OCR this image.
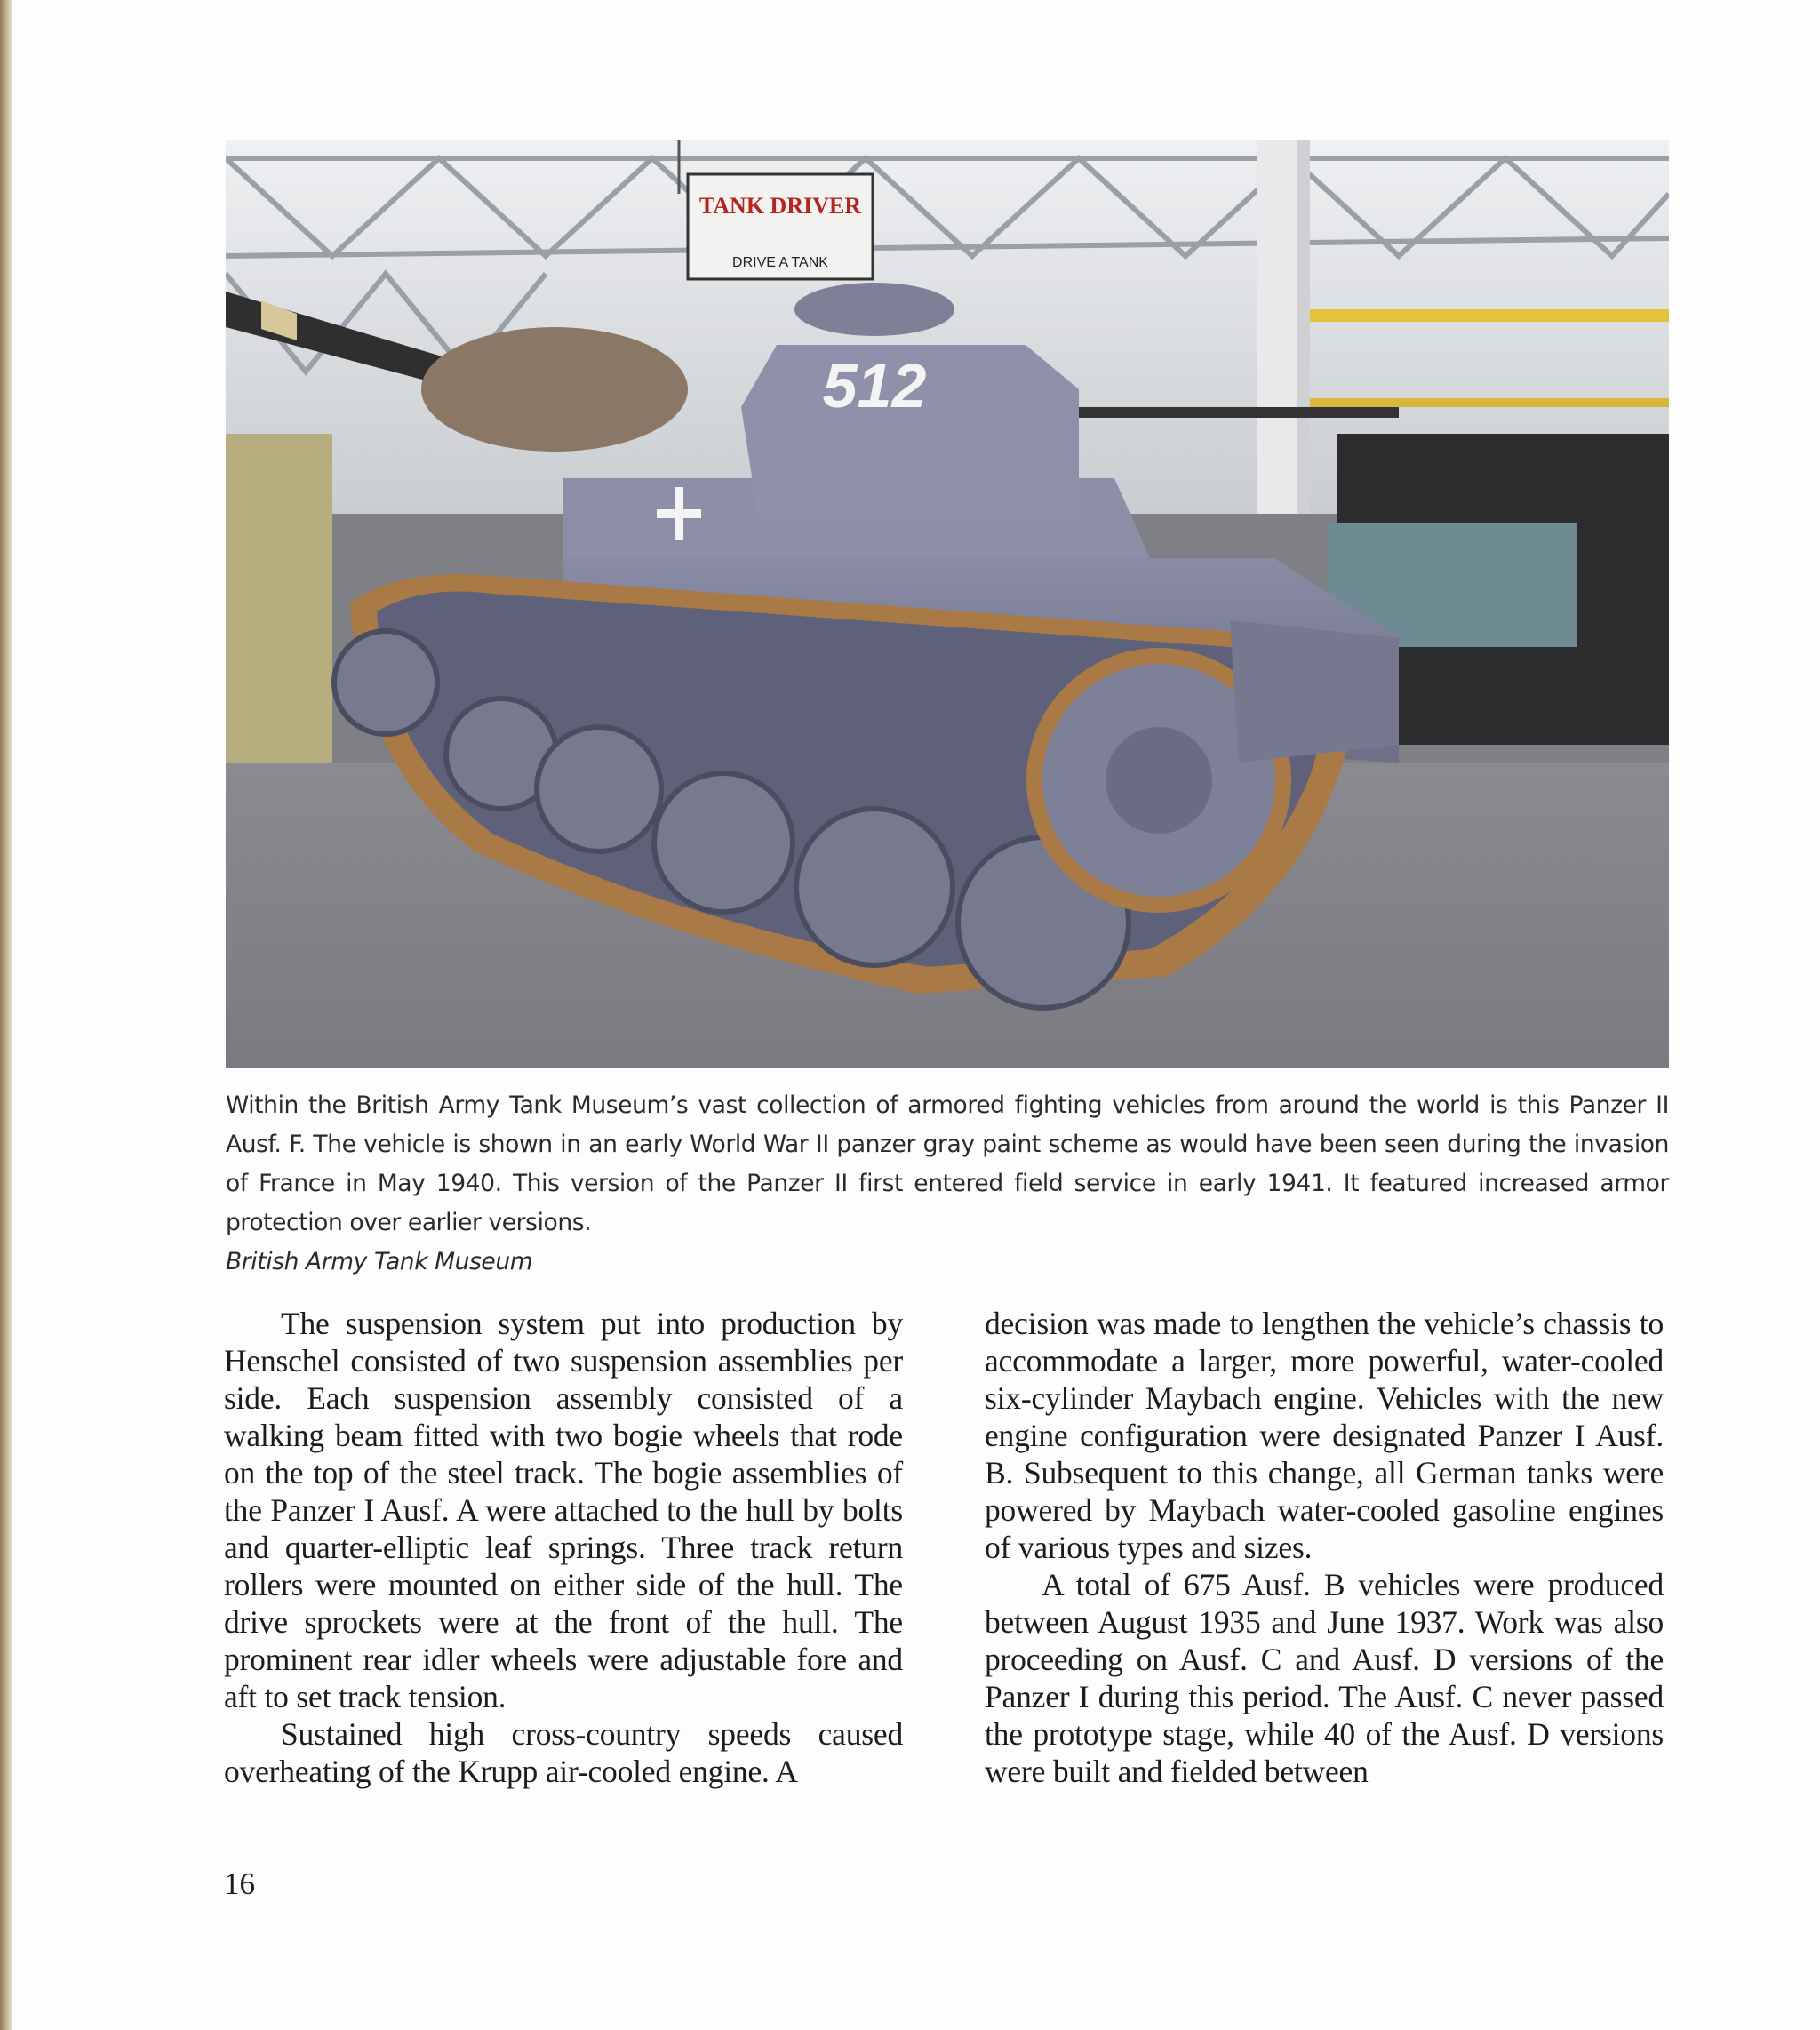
TANK DRIVER
DRIVE A TANK
512
Within the British Army Tank Museum’s vast collection of armored fighting vehicles from around the world is this Panzer II Ausf. F. The vehicle is shown in an early World War II panzer gray paint scheme as would have been seen during the invasion of France in May 1940. This version of the Panzer II first entered field service in early 1941. It featured increased armor protection over earlier versions.
British Army Tank Museum

The suspension system put into production by Henschel consisted of two suspension assemblies per side. Each suspension assembly consisted of a walking beam fitted with two bogie wheels that rode on the top of the steel track. The bogie assemblies of the Panzer I Ausf. A were attached to the hull by bolts and quarter-elliptic leaf springs. Three track return rollers were mounted on either side of the hull. The drive sprockets were at the front of the hull. The prominent rear idler wheels were adjustable fore and aft to set track tension.

Sustained high cross-country speeds caused overheating of the Krupp air-cooled engine. A

decision was made to lengthen the vehicle’s chassis to accommodate a larger, more powerful, water-cooled six-cylinder Maybach engine. Vehicles with the new engine configuration were designated Panzer I Ausf. B. Subsequent to this change, all German tanks were powered by Maybach water-cooled gasoline engines of various types and sizes.

A total of 675 Ausf. B vehicles were produced between August 1935 and June 1937. Work was also proceeding on Ausf. C and Ausf. D versions of the Panzer I during this period. The Ausf. C never passed the prototype stage, while 40 of the Ausf. D versions were built and fielded between

16
